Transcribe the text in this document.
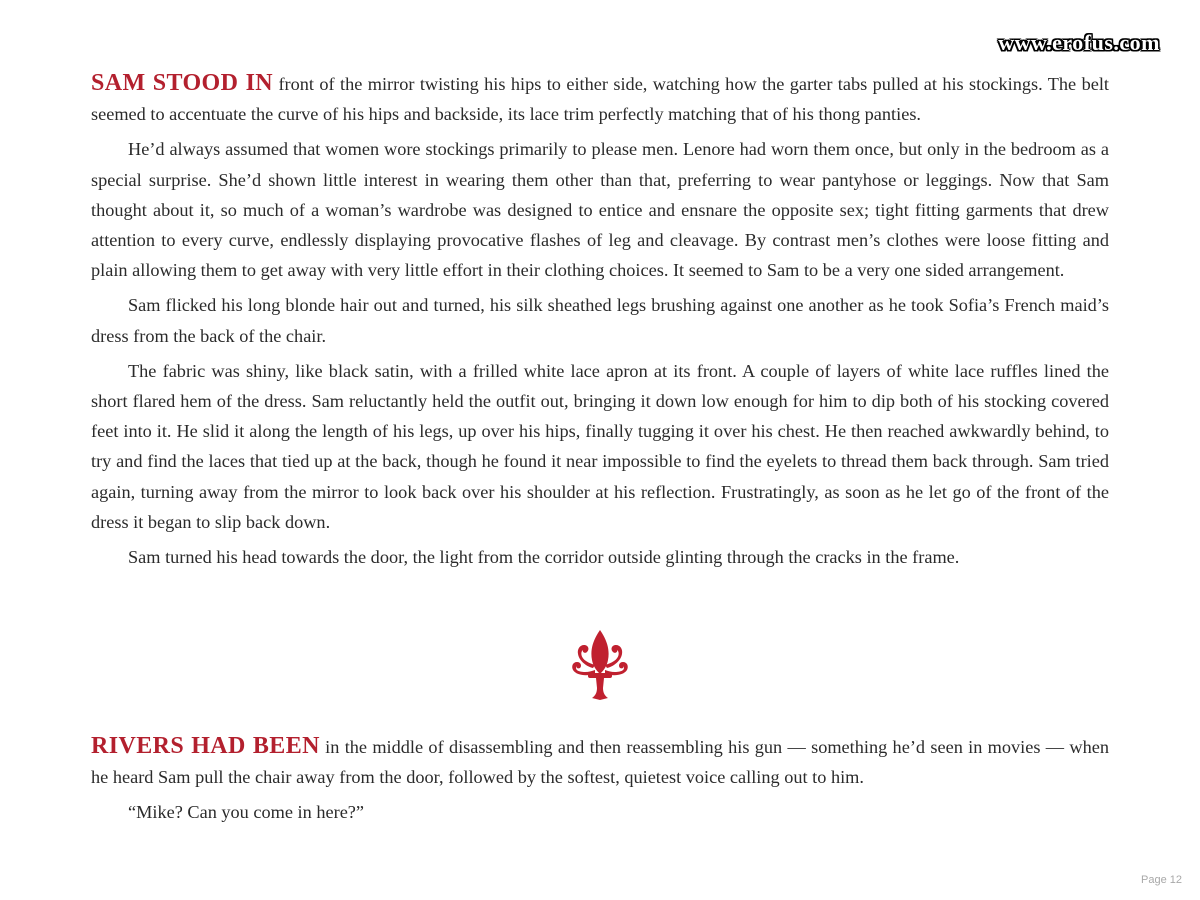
www.erofus.com

SAM STOOD IN front of the mirror twisting his hips to either side, watching how the garter tabs pulled at his stockings. The belt seemed to accentuate the curve of his hips and backside, its lace trim perfectly matching that of his thong panties.

He’d always assumed that women wore stockings primarily to please men. Lenore had worn them once, but only in the bedroom as a special surprise. She’d shown little interest in wearing them other than that, preferring to wear pantyhose or leggings. Now that Sam thought about it, so much of a woman’s wardrobe was designed to entice and ensnare the opposite sex; tight fitting garments that drew attention to every curve, endlessly displaying provocative flashes of leg and cleavage. By contrast men’s clothes were loose fitting and plain allowing them to get away with very little effort in their clothing choices. It seemed to Sam to be a very one sided arrangement.

Sam flicked his long blonde hair out and turned, his silk sheathed legs brushing against one another as he took Sofia’s French maid’s dress from the back of the chair.

The fabric was shiny, like black satin, with a frilled white lace apron at its front. A couple of layers of white lace ruffles lined the short flared hem of the dress. Sam reluctantly held the outfit out, bringing it down low enough for him to dip both of his stocking covered feet into it. He slid it along the length of his legs, up over his hips, finally tugging it over his chest. He then reached awkwardly behind, to try and find the laces that tied up at the back, though he found it near impossible to find the eyelets to thread them back through. Sam tried again, turning away from the mirror to look back over his shoulder at his reflection. Frustratingly, as soon as he let go of the front of the dress it began to slip back down.

Sam turned his head towards the door, the light from the corridor outside glinting through the cracks in the frame.

RIVERS HAD BEEN in the middle of disassembling and then reassembling his gun — something he’d seen in movies — when he heard Sam pull the chair away from the door, followed by the softest, quietest voice calling out to him.

“Mike? Can you come in here?”

Page 12
